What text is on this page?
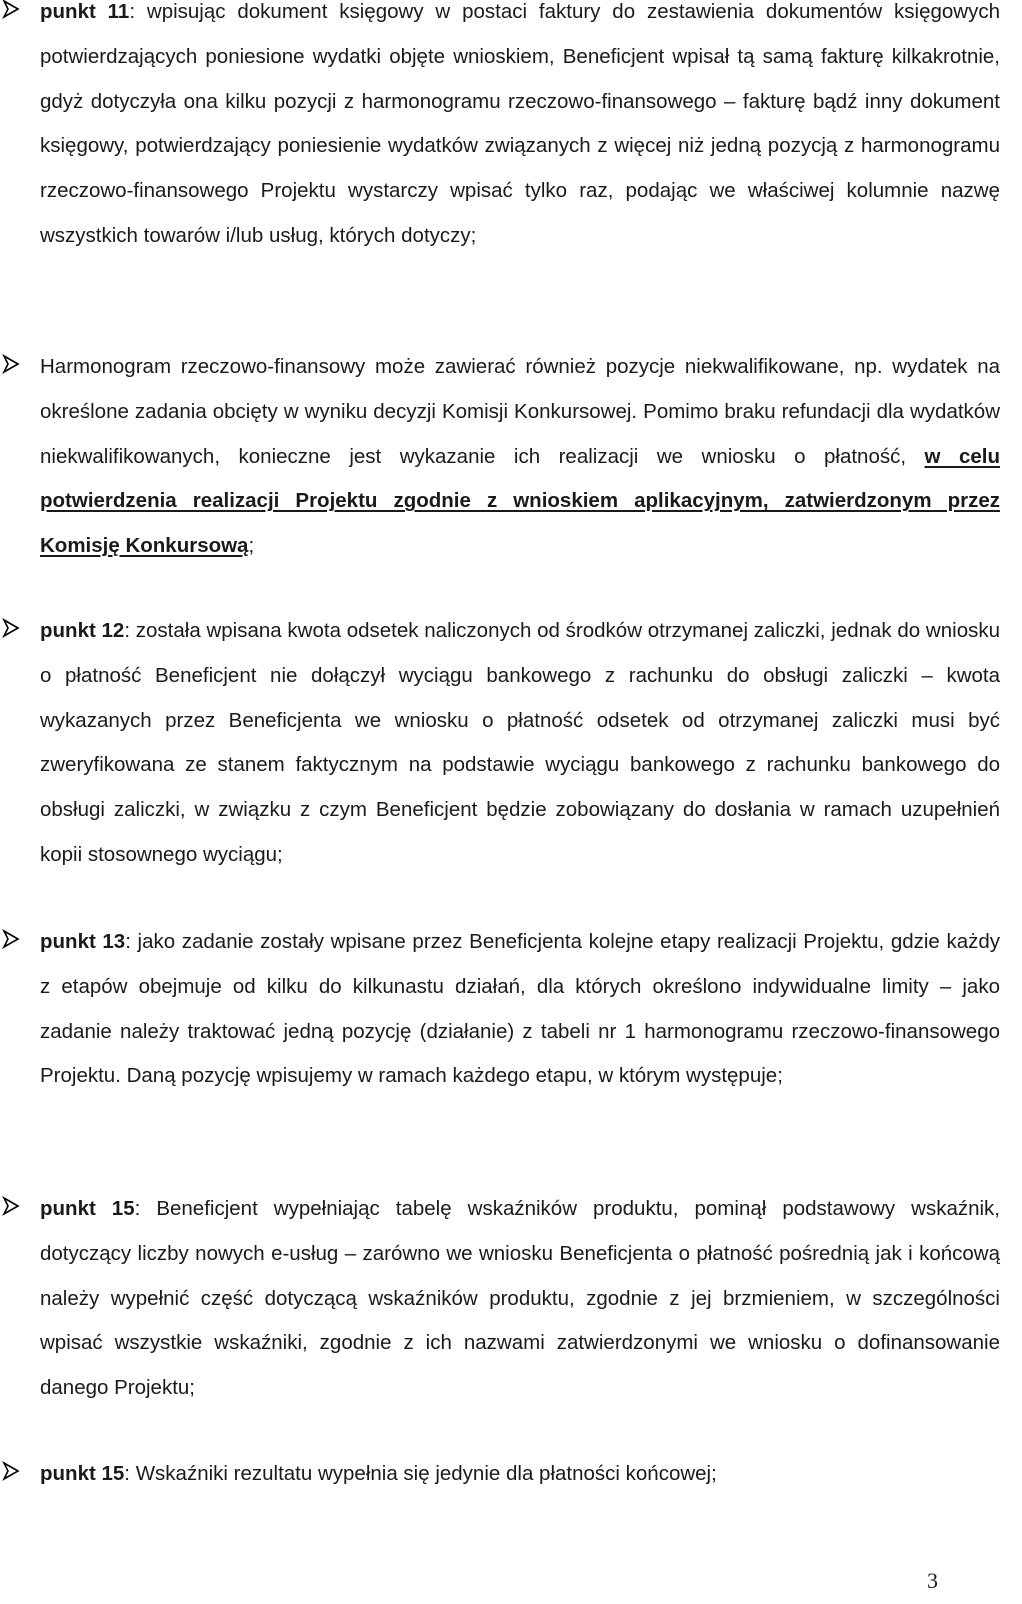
punkt 11: wpisując dokument księgowy w postaci faktury do zestawienia dokumentów księgowych potwierdzających poniesione wydatki objęte wnioskiem, Beneficjent wpisał tą samą fakturę kilkakrotnie, gdyż dotyczyła ona kilku pozycji z harmonogramu rzeczowo-finansowego – fakturę bądź inny dokument księgowy, potwierdzający poniesienie wydatków związanych z więcej niż jedną pozycją z harmonogramu rzeczowo-finansowego Projektu wystarczy wpisać tylko raz, podając we właściwej kolumnie nazwę wszystkich towarów i/lub usług, których dotyczy;

Harmonogram rzeczowo-finansowy może zawierać również pozycje niekwalifikowane, np. wydatek na określone zadania obcięty w wyniku decyzji Komisji Konkursowej. Pomimo braku refundacji dla wydatków niekwalifikowanych, konieczne jest wykazanie ich realizacji we wniosku o płatność, w celu potwierdzenia realizacji Projektu zgodnie z wnioskiem aplikacyjnym, zatwierdzonym przez Komisję Konkursową;

punkt 12: została wpisana kwota odsetek naliczonych od środków otrzymanej zaliczki, jednak do wniosku o płatność Beneficjent nie dołączył wyciągu bankowego z rachunku do obsługi zaliczki – kwota wykazanych przez Beneficjenta we wniosku o płatność odsetek od otrzymanej zaliczki musi być zweryfikowana ze stanem faktycznym na podstawie wyciągu bankowego z rachunku bankowego do obsługi zaliczki, w związku z czym Beneficjent będzie zobowiązany do dosłania w ramach uzupełnień kopii stosownego wyciągu;

punkt 13: jako zadanie zostały wpisane przez Beneficjenta kolejne etapy realizacji Projektu, gdzie każdy z etapów obejmuje od kilku do kilkunastu działań, dla których określono indywidualne limity – jako zadanie należy traktować jedną pozycję (działanie) z tabeli nr 1 harmonogramu rzeczowo-finansowego Projektu. Daną pozycję wpisujemy w ramach każdego etapu, w którym występuje;

punkt 15: Beneficjent wypełniając tabelę wskaźników produktu, pominął podstawowy wskaźnik, dotyczący liczby nowych e-usług – zarówno we wniosku Beneficjenta o płatność pośrednią jak i końcową należy wypełnić część dotyczącą wskaźników produktu, zgodnie z jej brzmieniem, w szczególności wpisać wszystkie wskaźniki, zgodnie z ich nazwami zatwierdzonymi we wniosku o dofinansowanie danego Projektu;

punkt 15: Wskaźniki rezultatu wypełnia się jedynie dla płatności końcowej;

3
